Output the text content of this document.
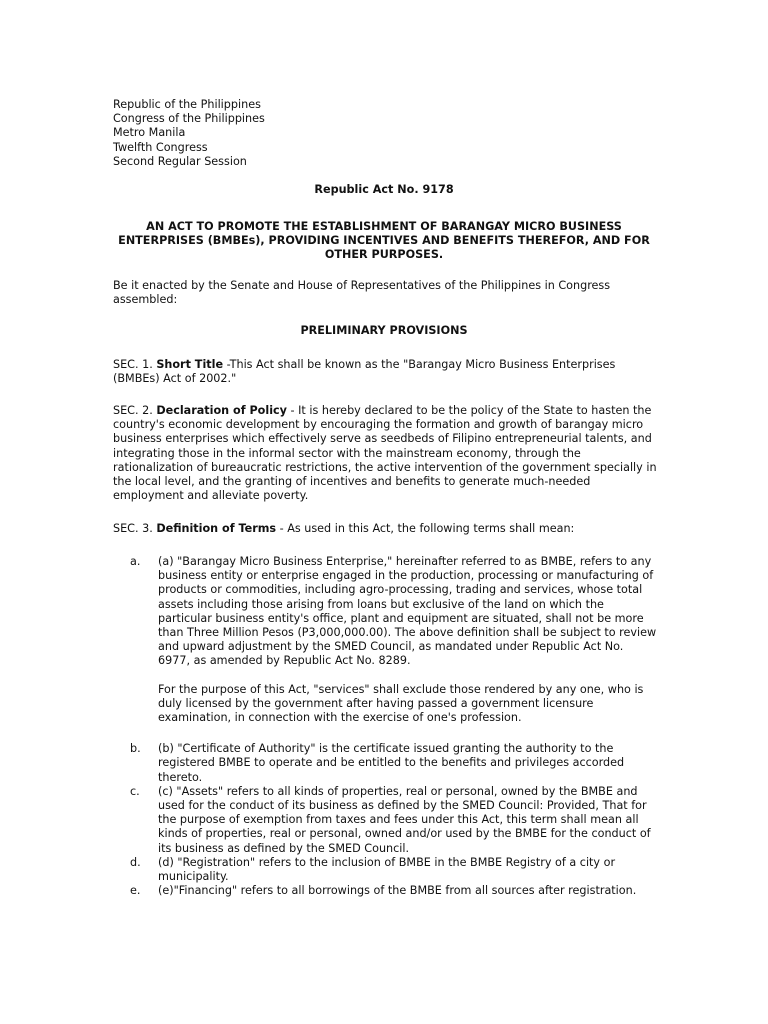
Republic of the Philippines
Congress of the Philippines
Metro Manila
Twelfth Congress
Second Regular Session
Republic Act No. 9178
AN ACT TO PROMOTE THE ESTABLISHMENT OF BARANGAY MICRO BUSINESS ENTERPRISES (BMBEs), PROVIDING INCENTIVES AND BENEFITS THEREFOR, AND FOR OTHER PURPOSES.
Be it enacted by the Senate and House of Representatives of the Philippines in Congress assembled:
PRELIMINARY PROVISIONS
SEC. 1. Short Title -This Act shall be known as the "Barangay Micro Business Enterprises (BMBEs) Act of 2002."
SEC. 2. Declaration of Policy - It is hereby declared to be the policy of the State to hasten the country's economic development by encouraging the formation and growth of barangay micro business enterprises which effectively serve as seedbeds of Filipino entrepreneurial talents, and integrating those in the informal sector with the mainstream economy, through the rationalization of bureaucratic restrictions, the active intervention of the government specially in the local level, and the granting of incentives and benefits to generate much-needed employment and alleviate poverty.
SEC. 3. Definition of Terms - As used in this Act, the following terms shall mean:
a. (a) "Barangay Micro Business Enterprise," hereinafter referred to as BMBE, refers to any business entity or enterprise engaged in the production, processing or manufacturing of products or commodities, including agro-processing, trading and services, whose total assets including those arising from loans but exclusive of the land on which the particular business entity's office, plant and equipment are situated, shall not be more than Three Million Pesos (P3,000,000.00). The above definition shall be subject to review and upward adjustment by the SMED Council, as mandated under Republic Act No. 6977, as amended by Republic Act No. 8289.
For the purpose of this Act, "services" shall exclude those rendered by any one, who is duly licensed by the government after having passed a government licensure examination, in connection with the exercise of one's profession.
b. (b) "Certificate of Authority" is the certificate issued granting the authority to the registered BMBE to operate and be entitled to the benefits and privileges accorded thereto.
c. (c) "Assets" refers to all kinds of properties, real or personal, owned by the BMBE and used for the conduct of its business as defined by the SMED Council: Provided, That for the purpose of exemption from taxes and fees under this Act, this term shall mean all kinds of properties, real or personal, owned and/or used by the BMBE for the conduct of its business as defined by the SMED Council.
d. (d) "Registration" refers to the inclusion of BMBE in the BMBE Registry of a city or municipality.
e. (e)"Financing" refers to all borrowings of the BMBE from all sources after registration.
